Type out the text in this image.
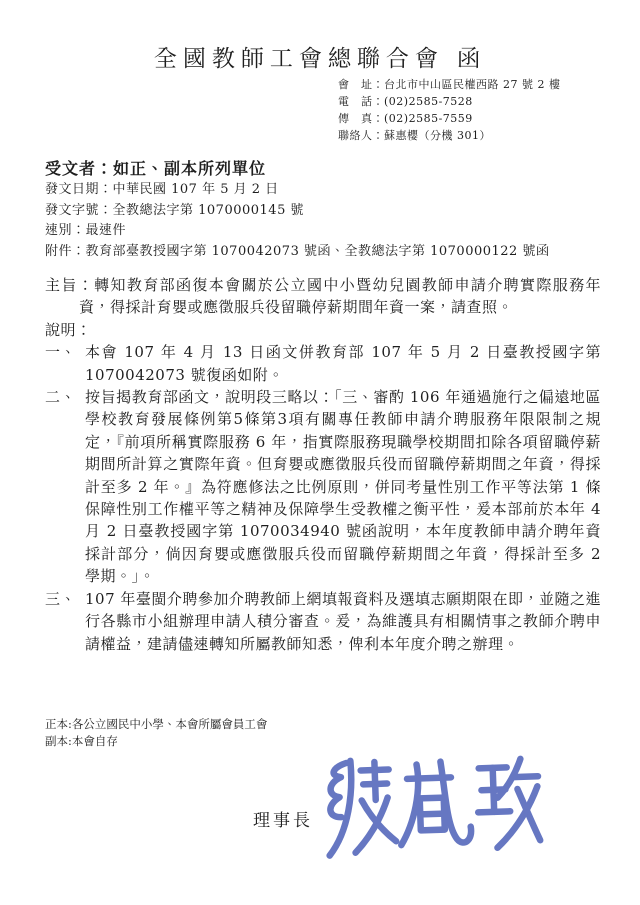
全國教師工會總聯合會 函
會　址：台北市中山區民權西路 27 號 2 樓
電　話：(02)2585-7528
傳　真：(02)2585-7559
聯絡人：蘇惠櫻（分機 301）
受文者：如正、副本所列單位
發文日期：中華民國 107 年 5 月 2 日
發文字號：全教總法字第 1070000145 號
速別：最速件
附件：教育部臺教授國字第 1070042073 號函、全教總法字第 1070000122 號函
主旨：轉知教育部函復本會關於公立國中小暨幼兒園教師申請介聘實際服務年資，得採計育嬰或應徵服兵役留職停薪期間年資一案，請查照。
說明：
一、 本會 107 年 4 月 13 日函文併教育部 107 年 5 月 2 日臺教授國字第 1070042073 號復函如附。
二、 按旨揭教育部函文，說明段三略以：「三、審酌 106 年通過施行之偏遠地區學校教育發展條例第5條第3項有關專任教師申請介聘服務年限限制之規定，『前項所稱實際服務 6 年，指實際服務現職學校期間扣除各項留職停薪期間所計算之實際年資。但育嬰或應徵服兵役而留職停薪期間之年資，得採計至多 2 年。』為符應修法之比例原則，併同考量性別工作平等法第 1 條保障性別工作權平等之精神及保障學生受教權之衡平性，爰本部前於本年 4 月 2 日臺教授國字第 1070034940 號函說明，本年度教師申請介聘年資採計部分，倘因育嬰或應徵服兵役而留職停薪期間之年資，得採計至多 2 學期。」。
三、 107 年臺閩介聘參加介聘教師上網填報資料及選填志願期限在即，並隨之進行各縣市小組辦理申請人積分審查。爰，為維護具有相關情事之教師介聘申請權益，建請儘速轉知所屬教師知悉，俾利本年度介聘之辦理。
正本:各公立國民中小學、本會所屬會員工會
副本:本會自存
理事長
